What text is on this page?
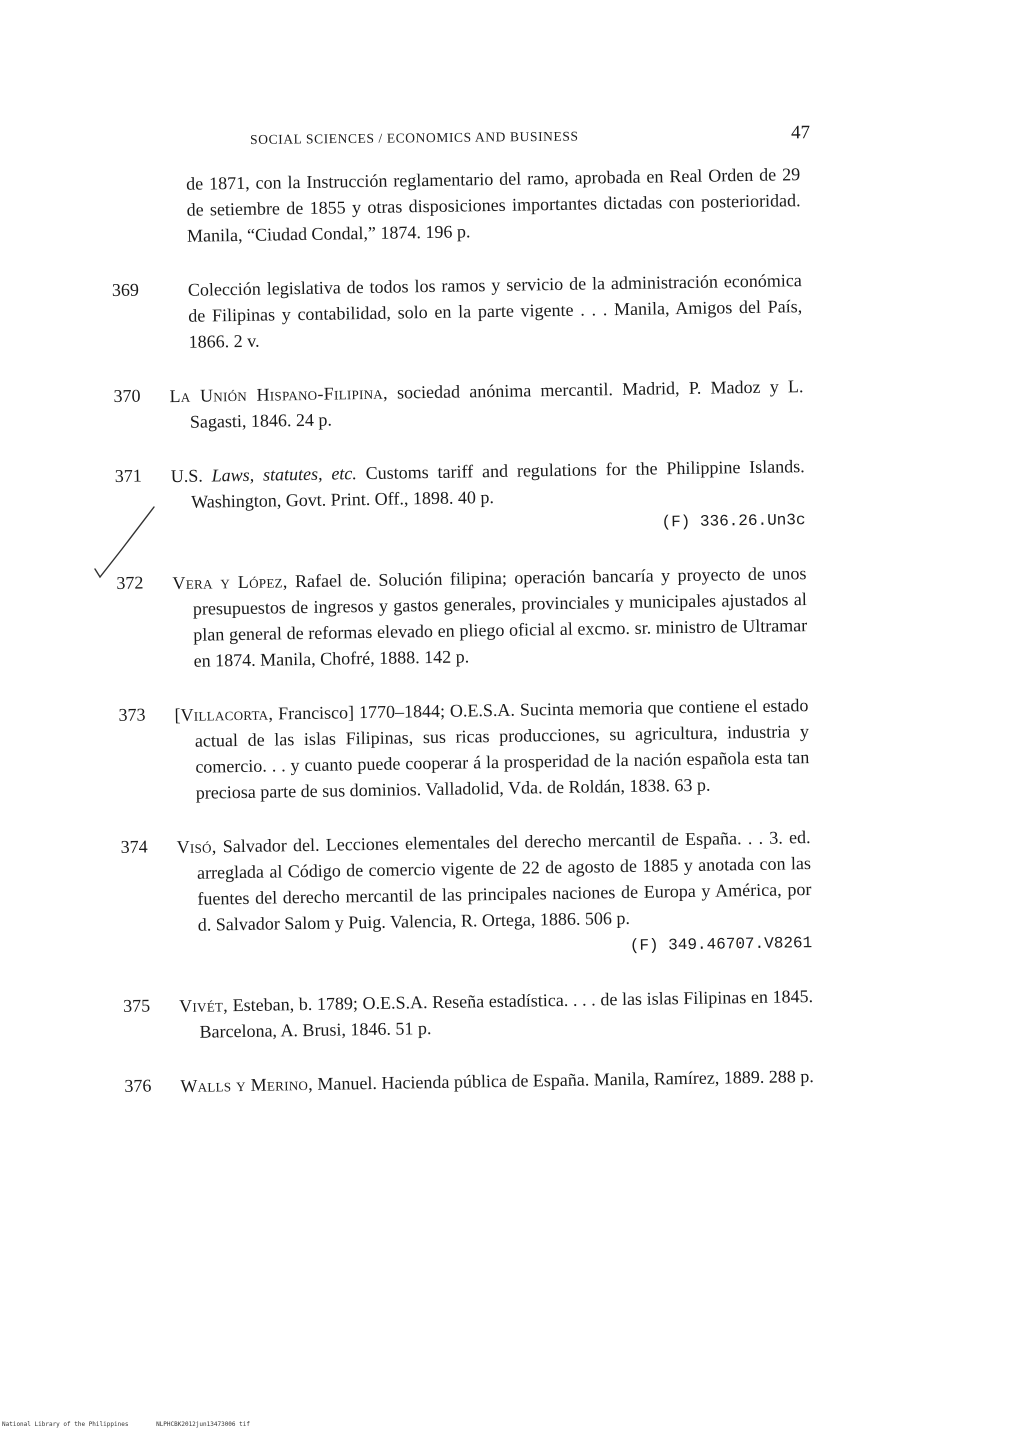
SOCIAL SCIENCES / ECONOMICS AND BUSINESS	47
de 1871, con la Instrucción reglamentario del ramo, aprobada en Real Orden de 29 de setiembre de 1855 y otras disposiciones importantes dictadas con posterioridad. Manila, “Ciudad Condal,” 1874. 196 p.
369	Colección legislativa de todos los ramos y servicio de la administración económica de Filipinas y contabilidad, solo en la parte vigente . . . Manila, Amigos del País, 1866. 2 v.
370	La Unión Hispano-Filipina, sociedad anónima mercantil. Madrid, P. Madoz y L. Sagasti, 1846. 24 p.
371	U.S. Laws, statutes, etc. Customs tariff and regulations for the Philippine Islands. Washington, Govt. Print. Off., 1898. 40 p.
(F) 336.26.Un3c
372	Vera y López, Rafael de. Solución filipina; operación bancaría y proyecto de unos presupuestos de ingresos y gastos generales, provinciales y municipales ajustados al plan general de reformas elevado en pliego oficial al excmo. sr. ministro de Ultramar en 1874. Manila, Chofré, 1888. 142 p.
373	[Villacorta, Francisco] 1770–1844; O.E.S.A. Sucinta memoria que contiene el estado actual de las islas Filipinas, sus ricas producciones, su agricultura, industria y comercio. . . y cuanto puede cooperar á la prosperidad de la nación española esta tan preciosa parte de sus dominios. Valladolid, Vda. de Roldán, 1838. 63 p.
374	Visó, Salvador del. Lecciones elementales del derecho mercantil de España. . . 3. ed. arreglada al Código de comercio vigente de 22 de agosto de 1885 y anotada con las fuentes del derecho mercantil de las principales naciones de Europa y América, por d. Salvador Salom y Puig. Valencia, R. Ortega, 1886. 506 p.
(F) 349.46707.V8261
375	Vivét, Esteban, b. 1789; O.E.S.A. Reseña estadística. . . . de las islas Filipinas en 1845. Barcelona, A. Brusi, 1846. 51 p.
376	Walls y Merino, Manuel. Hacienda pública de España. Manila, Ramírez, 1889. 288 p.
National Library of the Philippines	NLPHCBK2012jun13473006 tif
